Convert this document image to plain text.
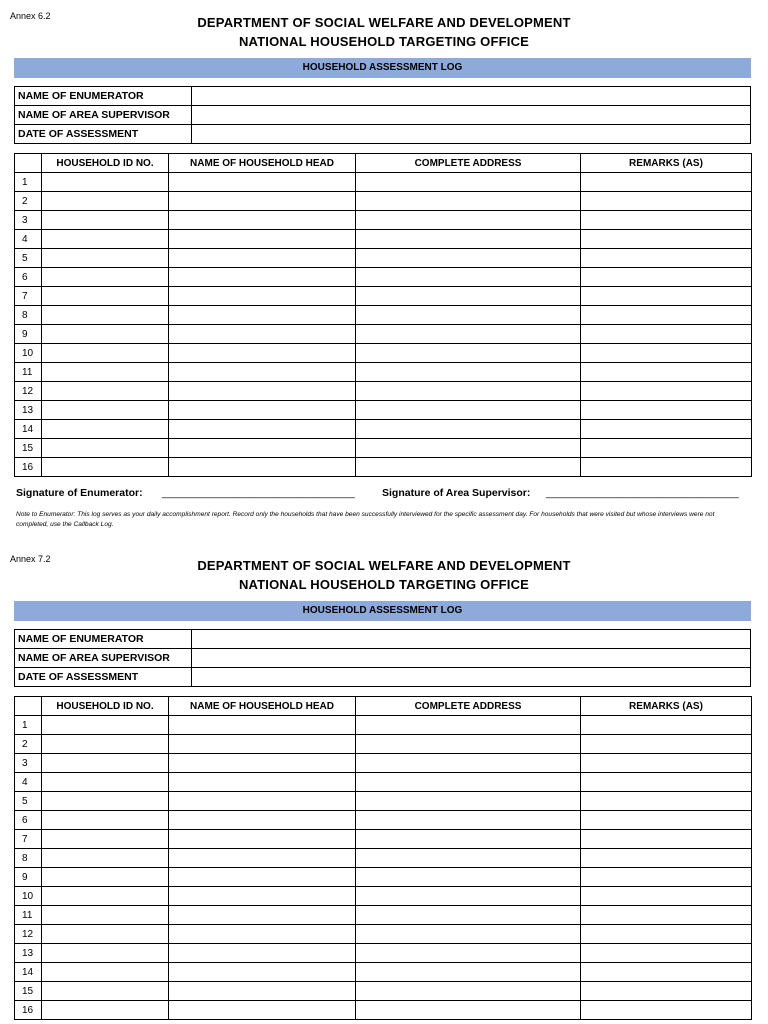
Annex 6.2	DEPARTMENT OF SOCIAL WELFARE AND DEVELOPMENT
NATIONAL HOUSEHOLD TARGETING OFFICE
HOUSEHOLD ASSESSMENT LOG
NAME OF ENUMERATOR	
NAME OF AREA SUPERVISOR	
DATE OF ASSESSMENT	
	HOUSEHOLD ID NO.	NAME OF HOUSEHOLD HEAD	COMPLETE ADDRESS	REMARKS (AS)
1				
2				
3				
4				
5				
6				
7				
8				
9				
10				
11				
12				
13				
14				
15				
16				
Signature of Enumerator: _________________________________	Signature of Area Supervisor: _________________________________
Note to Enumerator: This log serves as your daily accomplishment report. Record only the households that have been successfully interviewed for the specific assessment day. For households that were visited but whose interviews were not completed, use the Callback Log.
Annex 7.2	DEPARTMENT OF SOCIAL WELFARE AND DEVELOPMENT
NATIONAL HOUSEHOLD TARGETING OFFICE
HOUSEHOLD ASSESSMENT LOG
NAME OF ENUMERATOR	
NAME OF AREA SUPERVISOR	
DATE OF ASSESSMENT	
	HOUSEHOLD ID NO.	NAME OF HOUSEHOLD HEAD	COMPLETE ADDRESS	REMARKS (AS)
1				
2				
3				
4				
5				
6				
7				
8				
9				
10				
11				
12				
13				
14				
15				
16				
